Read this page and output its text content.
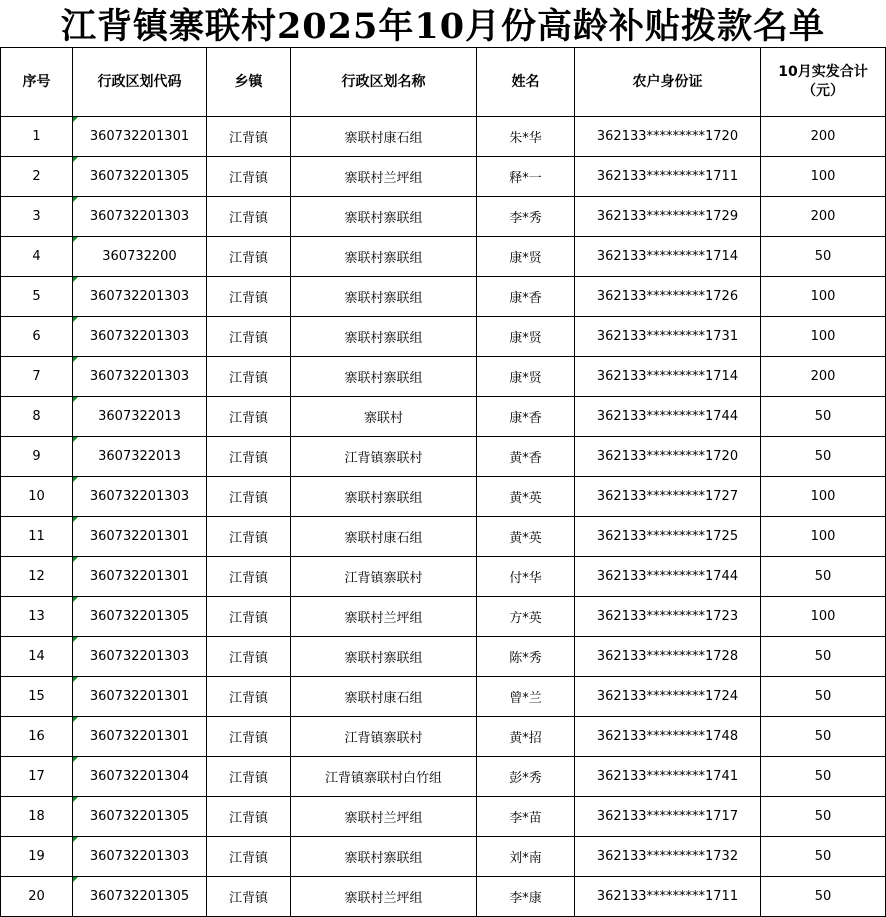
江背镇寨联村2025年10月份高龄补贴拨款名单
序号	行政区划代码	乡镇	行政区划名称	姓名	农户身份证	10月实发合计（元）
1	360732201301	江背镇	寨联村康石组	朱*华	362133*********1720	200
2	360732201305	江背镇	寨联村兰坪组	释*一	362133*********1711	100
3	360732201303	江背镇	寨联村寨联组	李*秀	362133*********1729	200
4	360732200	江背镇	寨联村寨联组	康*贤	362133*********1714	50
5	360732201303	江背镇	寨联村寨联组	康*香	362133*********1726	100
6	360732201303	江背镇	寨联村寨联组	康*贤	362133*********1731	100
7	360732201303	江背镇	寨联村寨联组	康*贤	362133*********1714	200
8	3607322013	江背镇	寨联村	康*香	362133*********1744	50
9	3607322013	江背镇	江背镇寨联村	黄*香	362133*********1720	50
10	360732201303	江背镇	寨联村寨联组	黄*英	362133*********1727	100
11	360732201301	江背镇	寨联村康石组	黄*英	362133*********1725	100
12	360732201301	江背镇	江背镇寨联村	付*华	362133*********1744	50
13	360732201305	江背镇	寨联村兰坪组	方*英	362133*********1723	100
14	360732201303	江背镇	寨联村寨联组	陈*秀	362133*********1728	50
15	360732201301	江背镇	寨联村康石组	曾*兰	362133*********1724	50
16	360732201301	江背镇	江背镇寨联村	黄*招	362133*********1748	50
17	360732201304	江背镇	江背镇寨联村白竹组	彭*秀	362133*********1741	50
18	360732201305	江背镇	寨联村兰坪组	李*苗	362133*********1717	50
19	360732201303	江背镇	寨联村寨联组	刘*南	362133*********1732	50
20	360732201305	江背镇	寨联村兰坪组	李*康	362133*********1711	50
